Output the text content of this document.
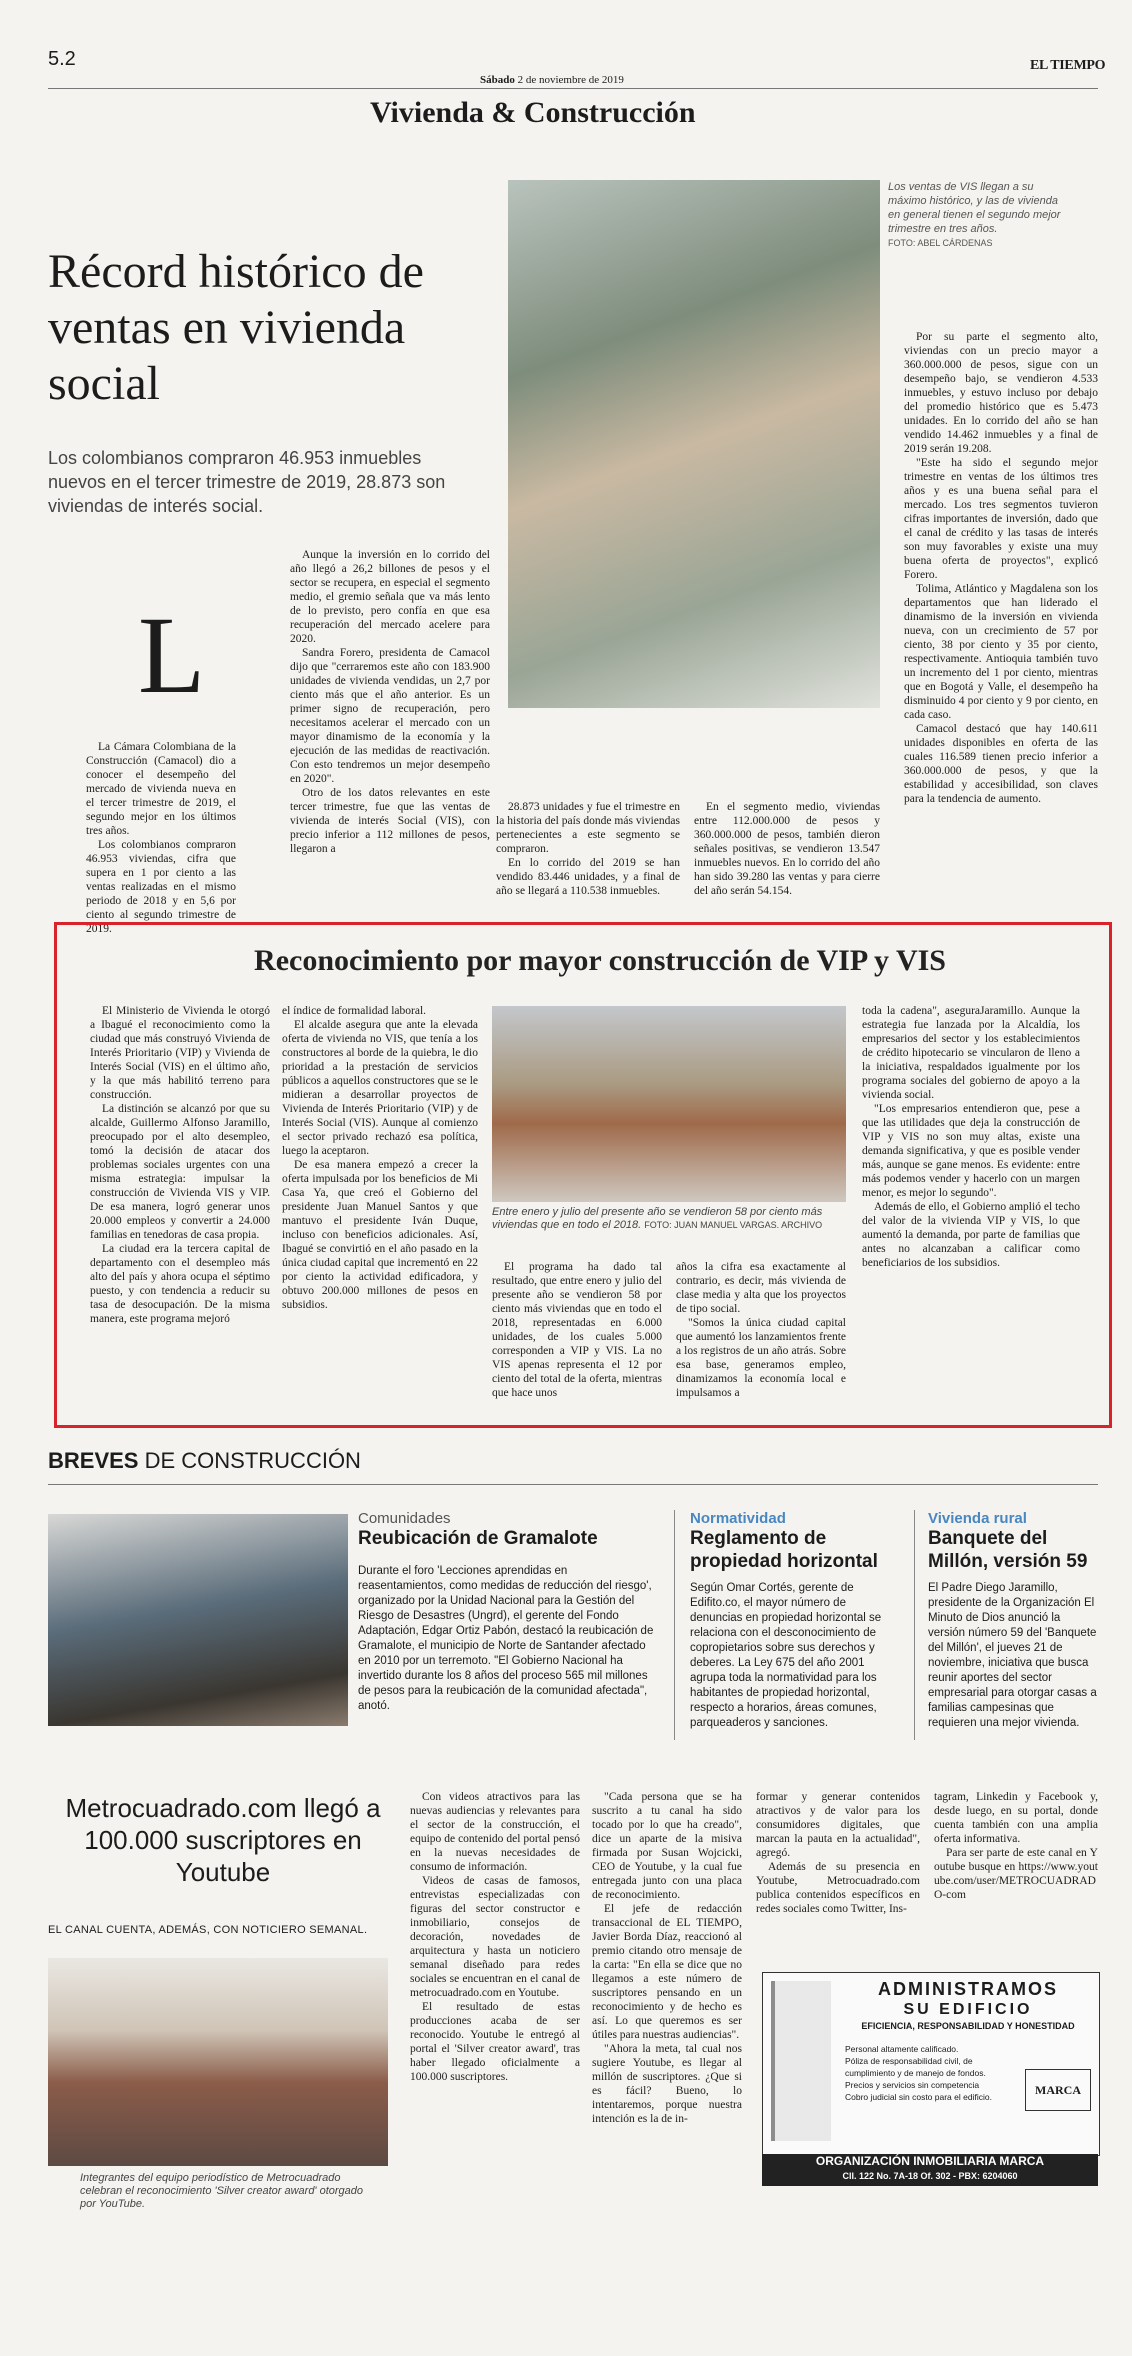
5.2
Sábado 2 de noviembre de 2019
EL TIEMPO
Vivienda & Construcción
Récord histórico de ventas en vivienda social
Los colombianos compraron 46.953 inmuebles nuevos en el tercer trimestre de 2019, 28.873 son viviendas de interés social.
L

La Cámara Colombiana de la Construcción (Camacol) dio a conocer el desempeño del mercado de vivienda nueva en el tercer trimestre de 2019, el segundo mejor en los últimos tres años.

Los colombianos compraron 46.953 viviendas, cifra que supera en 1 por ciento a las ventas realizadas en el mismo periodo de 2018 y en 5,6 por ciento al segundo trimestre de 2019.

Aunque la inversión en lo corrido del año llegó a 26,2 billones de pesos y el sector se recupera, en especial el segmento medio, el gremio señala que va más lento de lo previsto, pero confía en que esa recuperación del mercado acelere para 2020.

Sandra Forero, presidenta de Camacol dijo que "cerraremos este año con 183.900 unidades de vivienda vendidas, un 2,7 por ciento más que el año anterior. Es un primer signo de recuperación, pero necesitamos acelerar el mercado con un mayor dinamismo de la economía y la ejecución de las medidas de reactivación. Con esto tendremos un mejor desempeño en 2020".

Otro de los datos relevantes en este tercer trimestre, fue que las ventas de vivienda de interés Social (VIS), con precio inferior a 112 millones de pesos, llegaron a

Los ventas de VIS llegan a su máximo histórico, y las de vivienda en general tienen el segundo mejor trimestre en tres años.
FOTO: ABEL CÁRDENAS

28.873 unidades y fue el trimestre en la historia del país donde más viviendas pertenecientes a este segmento se compraron.

En lo corrido del 2019 se han vendido 83.446 unidades, y a final de año se llegará a 110.538 inmuebles.

En el segmento medio, viviendas entre 112.000.000 de pesos y 360.000.000 de pesos, también dieron señales positivas, se vendieron 13.547 inmuebles nuevos. En lo corrido del año han sido 39.280 las ventas y para cierre del año serán 54.154.

Por su parte el segmento alto, viviendas con un precio mayor a 360.000.000 de pesos, sigue con un desempeño bajo, se vendieron 4.533 inmuebles, y estuvo incluso por debajo del promedio histórico que es 5.473 unidades. En lo corrido del año se han vendido 14.462 inmuebles y a final de 2019 serán 19.208.

"Este ha sido el segundo mejor trimestre en ventas de los últimos tres años y es una buena señal para el mercado. Los tres segmentos tuvieron cifras importantes de inversión, dado que el canal de crédito y las tasas de interés son muy favorables y existe una muy buena oferta de proyectos", explicó Forero.

Tolima, Atlántico y Magdalena son los departamentos que han liderado el dinamismo de la inversión en vivienda nueva, con un crecimiento de 57 por ciento, 38 por ciento y 35 por ciento, respectivamente. Antioquia también tuvo un incremento del 1 por ciento, mientras que en Bogotá y Valle, el desempeño ha disminuido 4 por ciento y 9 por ciento, en cada caso.

Camacol destacó que hay 140.611 unidades disponibles en oferta de las cuales 116.589 tienen precio inferior a 360.000.000 de pesos, y que la estabilidad y accesibilidad, son claves para la tendencia de aumento.

Reconocimiento por mayor construcción de VIP y VIS

El Ministerio de Vivienda le otorgó a Ibagué el reconocimiento como la ciudad que más construyó Vivienda de Interés Prioritario (VIP) y Vivienda de Interés Social (VIS) en el último año, y la que más habilitó terreno para construcción.

La distinción se alcanzó por que su alcalde, Guillermo Alfonso Jaramillo, preocupado por el alto desempleo, tomó la decisión de atacar dos problemas sociales urgentes con una misma estrategia: impulsar la construcción de Vivienda VIS y VIP. De esa manera, logró generar unos 20.000 empleos y convertir a 24.000 familias en tenedoras de casa propia.

La ciudad era la tercera capital de departamento con el desempleo más alto del país y ahora ocupa el séptimo puesto, y con tendencia a reducir su tasa de desocupación. De la misma manera, este programa mejoró

el índice de formalidad laboral.

El alcalde asegura que ante la elevada oferta de vivienda no VIS, que tenía a los constructores al borde de la quiebra, le dio prioridad a la prestación de servicios públicos a aquellos constructores que se le midieran a desarrollar proyectos de Vivienda de Interés Prioritario (VIP) y de Interés Social (VIS). Aunque al comienzo el sector privado rechazó esa política, luego la aceptaron.

De esa manera empezó a crecer la oferta impulsada por los beneficios de Mi Casa Ya, que creó el Gobierno del presidente Juan Manuel Santos y que mantuvo el presidente Iván Duque, incluso con beneficios adicionales. Así, Ibagué se convirtió en el año pasado en la única ciudad capital que incrementó en 22 por ciento la actividad edificadora, y obtuvo 200.000 millones de pesos en subsidios.

Entre enero y julio del presente año se vendieron 58 por ciento más viviendas que en todo el 2018. FOTO: JUAN MANUEL VARGAS. ARCHIVO

El programa ha dado tal resultado, que entre enero y julio del presente año se vendieron 58 por ciento más viviendas que en todo el 2018, representadas en 6.000 unidades, de los cuales 5.000 corresponden a VIP y VIS. La no VIS apenas representa el 12 por ciento del total de la oferta, mientras que hace unos

años la cifra esa exactamente al contrario, es decir, más vivienda de clase media y alta que los proyectos de tipo social.

"Somos la única ciudad capital que aumentó los lanzamientos frente a los registros de un año atrás. Sobre esa base, generamos empleo, dinamizamos la economía local e impulsamos a

toda la cadena", aseguraJaramillo. Aunque la estrategia fue lanzada por la Alcaldía, los empresarios del sector y los establecimientos de crédito hipotecario se vincularon de lleno a la iniciativa, respaldados igualmente por los programa sociales del gobierno de apoyo a la vivienda social.

"Los empresarios entendieron que, pese a que las utilidades que deja la construcción de VIP y VIS no son muy altas, existe una demanda significativa, y que es posible vender más, aunque se gane menos. Es evidente: entre más podemos vender y hacerlo con un margen menor, es mejor lo segundo".

Además de ello, el Gobierno amplió el techo del valor de la vivienda VIP y VIS, lo que aumentó la demanda, por parte de familias que antes no alcanzaban a calificar como beneficiarios de los subsidios.

BREVES DE CONSTRUCCIÓN
Comunidades
Reubicación de Gramalote
Durante el foro 'Lecciones aprendidas en reasentamientos, como medidas de reducción del riesgo', organizado por la Unidad Nacional para la Gestión del Riesgo de Desastres (Ungrd), el gerente del Fondo Adaptación, Edgar Ortiz Pabón, destacó la reubicación de Gramalote, el municipio de Norte de Santander afectado en 2010 por un terremoto. "El Gobierno Nacional ha invertido durante los 8 años del proceso 565 mil millones de pesos para la reubicación de la comunidad afectada", anotó.
Normatividad
Reglamento de propiedad horizontal
Según Omar Cortés, gerente de Edifito.co, el mayor número de denuncias en propiedad horizontal se relaciona con el desconocimiento de copropietarios sobre sus derechos y deberes. La Ley 675 del año 2001 agrupa toda la normatividad para los habitantes de propiedad horizontal, respecto a horarios, áreas comunes, parqueaderos y sanciones.
Vivienda rural
Banquete del Millón, versión 59
El Padre Diego Jaramillo, presidente de la Organización El Minuto de Dios anunció la versión número 59 del 'Banquete del Millón', el jueves 21 de noviembre, iniciativa que busca reunir aportes del sector empresarial para otorgar casas a familias campesinas que requieren una mejor vivienda.
Metrocuadrado.com llegó a 100.000 suscriptores en Youtube
EL CANAL CUENTA, ADEMÁS, CON NOTICIERO SEMANAL.
Integrantes del equipo periodístico de Metrocuadrado celebran el reconocimiento 'Silver creator award' otorgado por YouTube.

Con videos atractivos para las nuevas audiencias y relevantes para el sector de la construcción, el equipo de contenido del portal pensó en la nuevas necesidades de consumo de información.

Videos de casas de famosos, entrevistas especializadas con figuras del sector constructor e inmobiliario, consejos de decoración, novedades de arquitectura y hasta un noticiero semanal diseñado para redes sociales se encuentran en el canal de metrocuadrado.com en Youtube.

El resultado de estas producciones acaba de ser reconocido. Youtube le entregó al portal el 'Silver creator award', tras haber llegado oficialmente a 100.000 suscriptores.

"Cada persona que se ha suscrito a tu canal ha sido tocado por lo que ha creado", dice un aparte de la misiva firmada por Susan Wojcicki, CEO de Youtube, y la cual fue entregada junto con una placa de reconocimiento.

El jefe de redacción transaccional de EL TIEMPO, Javier Borda Díaz, reaccionó al premio citando otro mensaje de la carta: "En ella se dice que no llegamos a este número de suscriptores pensando en un reconocimiento y de hecho es así. Lo que queremos es ser útiles para nuestras audiencias".

"Ahora la meta, tal cual nos sugiere Youtube, es llegar al millón de suscriptores. ¿Que si es fácil? Bueno, lo intentaremos, porque nuestra intención es la de in-

formar y generar contenidos atractivos y de valor para los consumidores digitales, que marcan la pauta en la actualidad", agregó.

Además de su presencia en Youtube, Metrocuadrado.com publica contenidos específicos en redes sociales como Twitter, Ins-

tagram, Linkedin y Facebook y, desde luego, en su portal, donde cuenta también con una amplia oferta informativa.

Para ser parte de este canal en Youtube busque en https://www.youtube.com/user/METROCUADRADO-com

ADMINISTRAMOS
SU EDIFICIO
EFICIENCIA, RESPONSABILIDAD Y HONESTIDAD
Personal altamente calificado.
Póliza de responsabilidad civil, de cumplimiento y de manejo de fondos.
Precios y servicios sin competencia
Cobro judicial sin costo para el edificio.	MARCA
ORGANIZACIÓN INMOBILIARIA MARCA
Cll. 122 No. 7A-18 Of. 302 - PBX: 6204060
